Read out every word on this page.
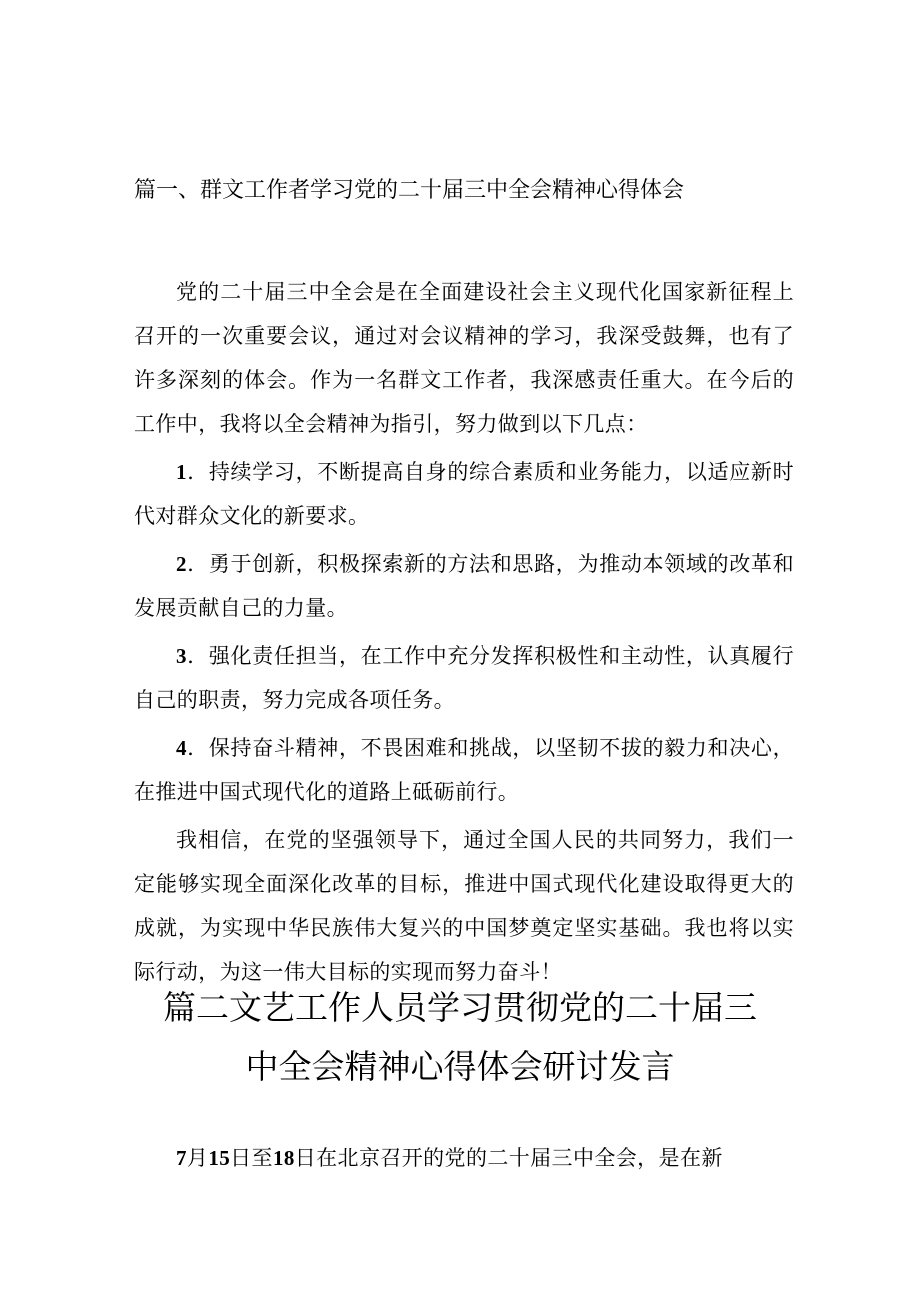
篇一、群文工作者学习党的二十届三中全会精神心得体会

党的二十届三中全会是在全面建设社会主义现代化国家新征程上召开的一次重要会议，通过对会议精神的学习，我深受鼓舞，也有了许多深刻的体会。作为一名群文工作者，我深感责任重大。在今后的工作中，我将以全会精神为指引，努力做到以下几点：

1．持续学习，不断提高自身的综合素质和业务能力，以适应新时代对群众文化的新要求。

2．勇于创新，积极探索新的方法和思路，为推动本领域的改革和发展贡献自己的力量。

3．强化责任担当，在工作中充分发挥积极性和主动性，认真履行自己的职责，努力完成各项任务。

4．保持奋斗精神，不畏困难和挑战，以坚韧不拔的毅力和决心，在推进中国式现代化的道路上砥砺前行。

我相信，在党的坚强领导下，通过全国人民的共同努力，我们一定能够实现全面深化改革的目标，推进中国式现代化建设取得更大的成就，为实现中华民族伟大复兴的中国梦奠定坚实基础。我也将以实际行动，为这一伟大目标的实现而努力奋斗！

篇二文艺工作人员学习贯彻党的二十届三
中全会精神心得体会研讨发言

7月15日至18日在北京召开的党的二十届三中全会，是在新
